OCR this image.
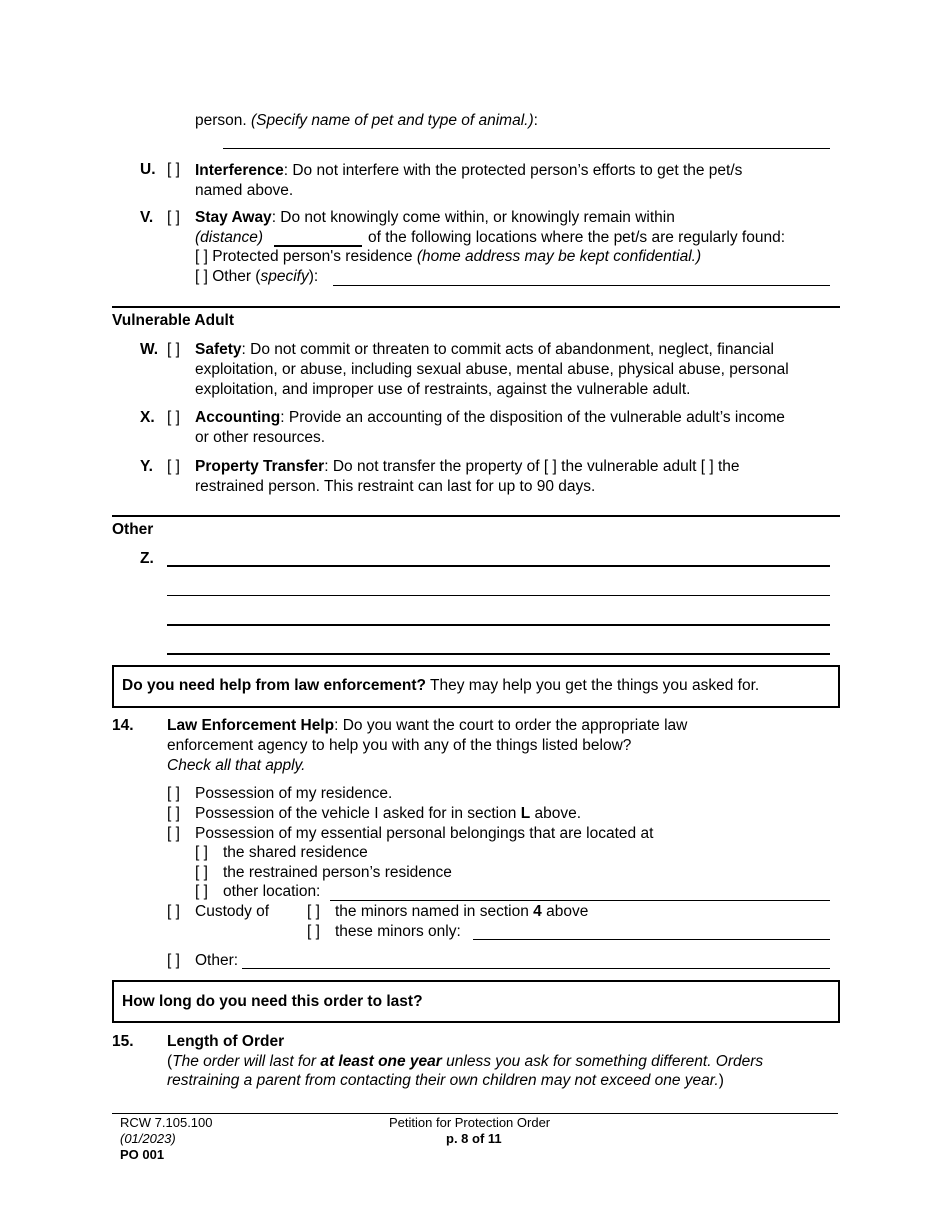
person. (Specify name of pet and type of animal.):
U. [ ] Interference: Do not interfere with the protected person’s efforts to get the pet/s
named above.
V. [ ] Stay Away: Do not knowingly come within, or knowingly remain within
(distance)	of the following locations where the pet/s are regularly found:
[ ] Protected person's residence (home address may be kept confidential.)
[ ] Other (specify):
Vulnerable Adult
W. [ ] Safety: Do not commit or threaten to commit acts of abandonment, neglect, financial
exploitation, or abuse, including sexual abuse, mental abuse, physical abuse, personal
exploitation, and improper use of restraints, against the vulnerable adult.
X. [ ] Accounting: Provide an accounting of the disposition of the vulnerable adult’s income
or other resources.
Y. [ ] Property Transfer: Do not transfer the property of [ ] the vulnerable adult [ ] the
restrained person. This restraint can last for up to 90 days.
Other
Z.
Do you need help from law enforcement? They may help you get the things you asked for.
14. Law Enforcement Help: Do you want the court to order the appropriate law
enforcement agency to help you with any of the things listed below?
Check all that apply.
[ ] Possession of my residence.
[ ] Possession of the vehicle I asked for in section L above.
[ ] Possession of my essential personal belongings that are located at
[ ] the shared residence
[ ] the restrained person’s residence
[ ] other location:
[ ] Custody of [ ] the minors named in section 4 above
[ ] these minors only:
[ ] Other:
How long do you need this order to last?
15. Length of Order
(The order will last for at least one year unless you ask for something different. Orders
restraining a parent from contacting their own children may not exceed one year.)
RCW 7.105.100
(01/2023)
PO 001
Petition for Protection Order
p. 8 of 11
